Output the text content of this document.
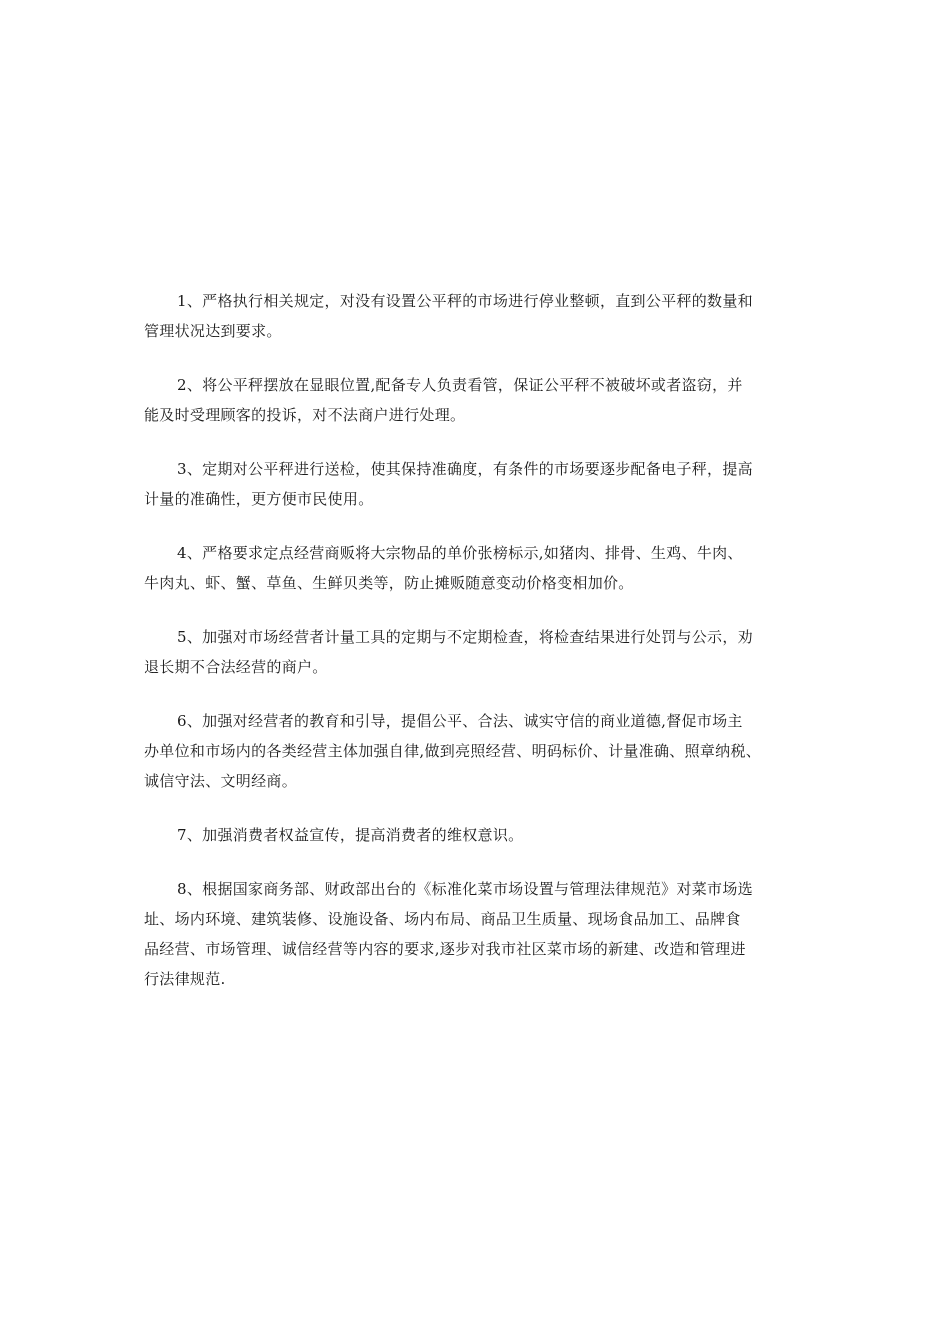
1、严格执行相关规定，对没有设置公平秤的市场进行停业整顿，直到公平秤的数量和
管理状况达到要求。
2、将公平秤摆放在显眼位置,配备专人负责看管，保证公平秤不被破坏或者盗窃，并
能及时受理顾客的投诉，对不法商户进行处理。
3、定期对公平秤进行送检，使其保持准确度，有条件的市场要逐步配备电子秤，提高
计量的准确性，更方便市民使用。
4、严格要求定点经营商贩将大宗物品的单价张榜标示,如猪肉、排骨、生鸡、牛肉、
牛肉丸、虾、蟹、草鱼、生鲜贝类等，防止摊贩随意变动价格变相加价。
5、加强对市场经营者计量工具的定期与不定期检查，将检查结果进行处罚与公示，劝
退长期不合法经营的商户。
6、加强对经营者的教育和引导，提倡公平、合法、诚实守信的商业道德,督促市场主
办单位和市场内的各类经营主体加强自律,做到亮照经营、明码标价、计量准确、照章纳税、
诚信守法、文明经商。
7、加强消费者权益宣传，提高消费者的维权意识。
8、根据国家商务部、财政部出台的《标准化菜市场设置与管理法律规范》对菜市场选
址、场内环境、建筑装修、设施设备、场内布局、商品卫生质量、现场食品加工、品牌食
品经营、市场管理、诚信经营等内容的要求,逐步对我市社区菜市场的新建、改造和管理进
行法律规范.
